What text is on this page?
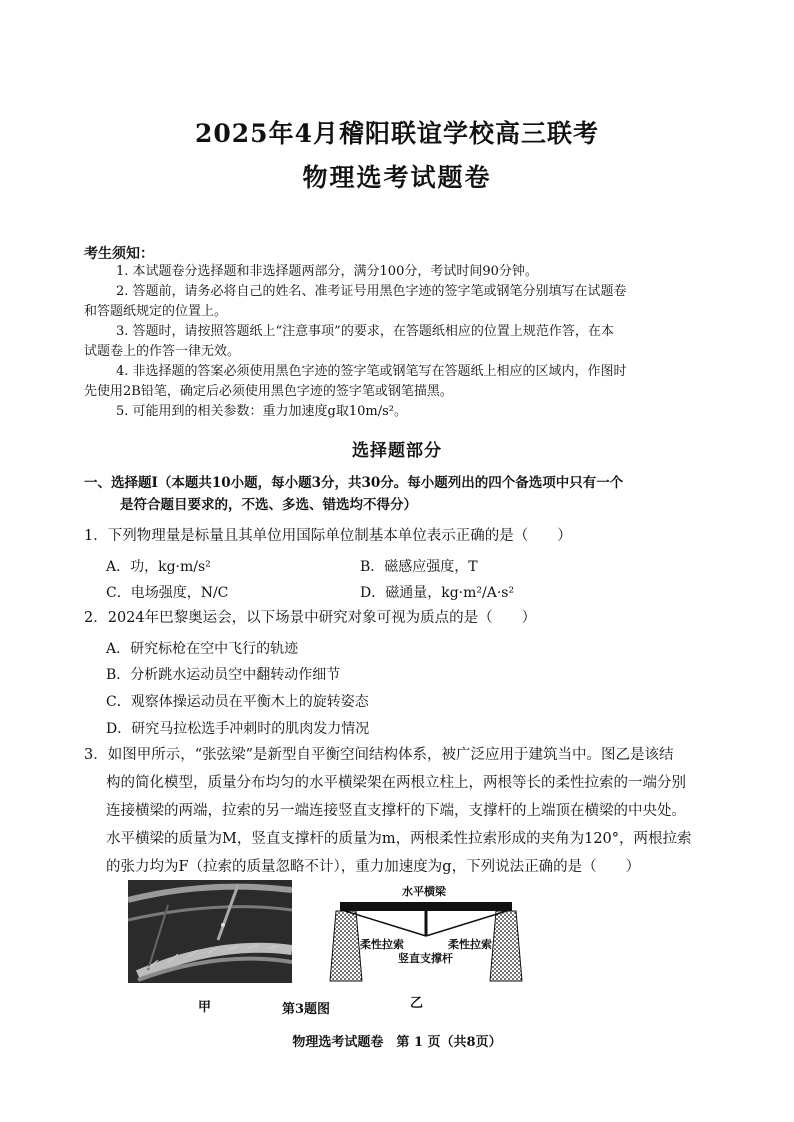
2025年4月稽阳联谊学校高三联考
物理选考试题卷
考生须知：
1. 本试题卷分选择题和非选择题两部分，满分100分，考试时间90分钟。
2. 答题前，请务必将自己的姓名、准考证号用黑色字迹的签字笔或钢笔分别填写在试题卷
和答题纸规定的位置上。
3. 答题时，请按照答题纸上“注意事项”的要求，在答题纸相应的位置上规范作答，在本
试题卷上的作答一律无效。
4. 非选择题的答案必须使用黑色字迹的签字笔或钢笔写在答题纸上相应的区域内，作图时
先使用2B铅笔，确定后必须使用黑色字迹的签字笔或钢笔描黑。
5. 可能用到的相关参数：重力加速度g取10m/s²。
选择题部分
一、选择题Ⅰ（本题共10小题，每小题3分，共30分。每小题列出的四个备选项中只有一个
是符合题目要求的，不选、多选、错选均不得分）
1．下列物理量是标量且其单位用国际单位制基本单位表示正确的是（　　）
A．功，kg·m/s²	B．磁感应强度，T
C．电场强度，N/C	D．磁通量，kg·m²/A·s²
2．2024年巴黎奥运会，以下场景中研究对象可视为质点的是（　　）
A．研究标枪在空中飞行的轨迹
B．分析跳水运动员空中翻转动作细节
C．观察体操运动员在平衡木上的旋转姿态
D．研究马拉松选手冲刺时的肌肉发力情况
3．如图甲所示，“张弦梁”是新型自平衡空间结构体系，被广泛应用于建筑当中。图乙是该结
构的简化模型，质量分布均匀的水平横梁架在两根立柱上，两根等长的柔性拉索的一端分别
连接横梁的两端，拉索的另一端连接竖直支撑杆的下端，支撑杆的上端顶在横梁的中央处。
水平横梁的质量为M，竖直支撑杆的质量为m，两根柔性拉索形成的夹角为120°，两根拉索
的张力均为F（拉索的质量忽略不计），重力加速度为g，下列说法正确的是（　　）
甲	第3题图	乙
水平横梁
柔性拉索	柔性拉索
竖直支撑杆
物理选考试题卷　第 1 页（共8页）
